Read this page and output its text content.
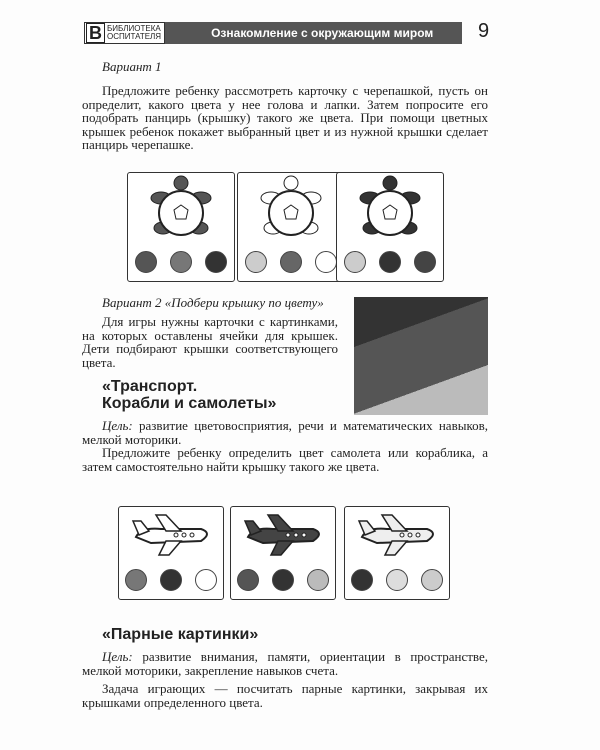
В БИБЛИОТЕКА
ОСПИТАТЕЛЯ	Ознакомление с окружающим миром 9
Вариант 1
Предложите ребенку рассмотреть карточку с черепашкой, пусть он определит, какого цвета у нее голова и лапки. Затем попросите его подобрать панцирь (крышку) такого же цвета. При помощи цветных крышек ребенок покажет выбранный цвет и из нужной крышки сделает панцирь черепашке.
Вариант 2 «Подбери крышку по цвету»
Для игры нужны карточки с картинками, на которых оставлены ячейки для крышек. Дети подбирают крышки соответствующего цвета.
«Транспорт.
Корабли и самолеты»
Цель: развитие цветовосприятия, речи и математических навыков, мелкой моторики.
Предложите ребенку определить цвет самолета или кораблика, а затем самостоятельно найти крышку такого же цвета.
«Парные картинки»
Цель: развитие внимания, памяти, ориентации в пространстве, мелкой моторики, закрепление навыков счета.
Задача играющих — посчитать парные картинки, закрывая их крышками определенного цвета.
